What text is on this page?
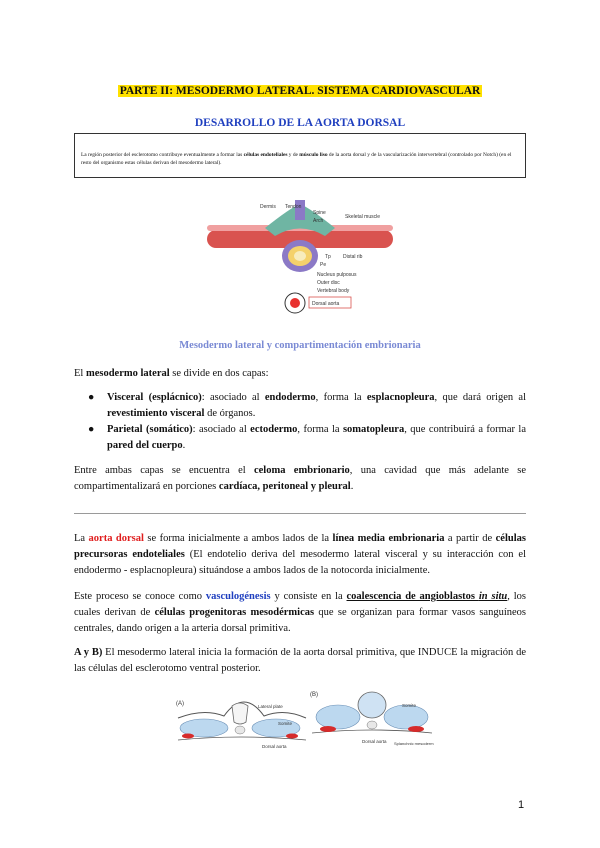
PARTE II: MESODERMO LATERAL. SISTEMA CARDIOVASCULAR
DESARROLLO DE LA AORTA DORSAL
La región posterior del esclerotomo contribuye eventualmente a formar las células endoteliales y de músculo liso de la aorta dorsal y de la vascularización intervertebral (controlado por Notch) (en el resto del organismo estas células derivan del mesodermo lateral).
Dermis Tendon
Spine
Arch
Skeletal muscle
Tp Distal rib
Pe
Nucleus pulposus
Outer disc
Vertebral body
Dorsal aorta
Mesodermo lateral y compartimentación embrionaria
El mesodermo lateral se divide en dos capas:
● Visceral (esplácnico): asociado al endodermo, forma la esplacnopleura, que dará origen al revestimiento visceral de órganos.
● Parietal (somático): asociado al ectodermo, forma la somatopleura, que contribuirá a formar la pared del cuerpo.
Entre ambas capas se encuentra el celoma embrionario, una cavidad que más adelante se compartimentalizará en porciones cardíaca, peritoneal y pleural.
La aorta dorsal se forma inicialmente a ambos lados de la línea media embrionaria a partir de células precursoras endoteliales (El endotelio deriva del mesodermo lateral visceral y su interacción con el endodermo - esplacnopleura) situándose a ambos lados de la notocorda inicialmente.
Este proceso se conoce como vasculogénesis y consiste en la coalescencia de angioblastos in situ, los cuales derivan de células progenitoras mesodérmicas que se organizan para formar vasos sanguíneos centrales, dando origen a la arteria dorsal primitiva.
A y B) El mesodermo lateral inicia la formación de la aorta dorsal primitiva, que INDUCE la migración de las células del esclerotomo ventral posterior.
(A)	Lateral plate
Somite
Dorsal aorta
(B)
Somite
Dorsal aorta Splanchnic mesoderm
1
